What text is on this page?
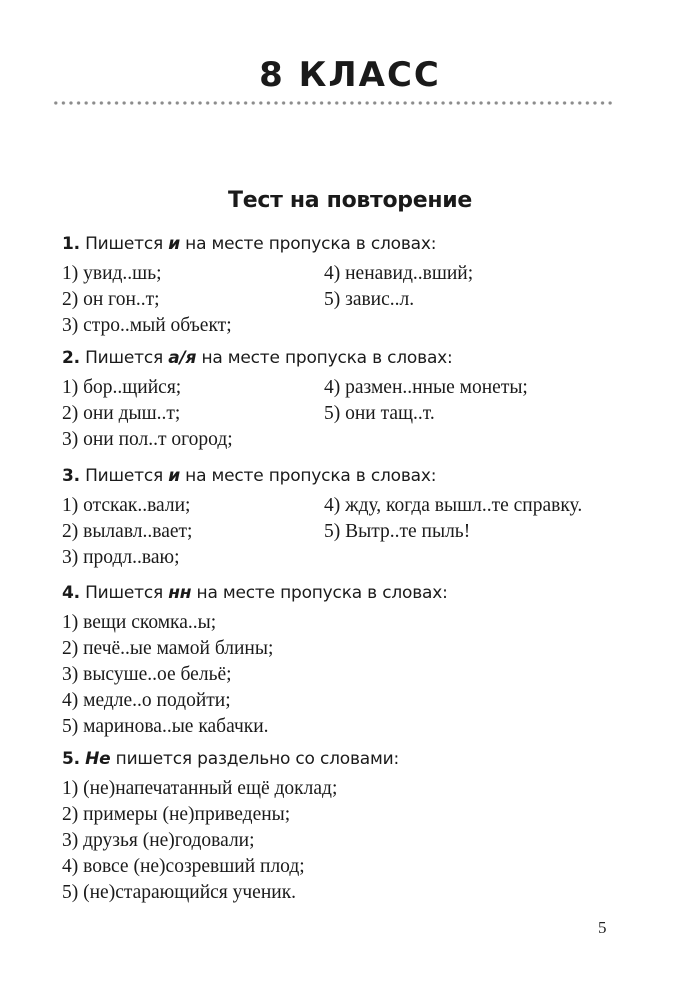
8 КЛАСС
Тест на повторение
1. Пишется и на месте пропуска в словах:
1) увид..шь;
2) он гон..т;
3) стро..мый объект;
4) ненавид..вший;
5) завис..л.
2. Пишется а/я на месте пропуска в словах:
1) бор..щийся;
2) они дыш..т;
3) они пол..т огород;
4) размен..нные монеты;
5) они тащ..т.
3. Пишется и на месте пропуска в словах:
1) отскак..вали;
2) вылавл..вает;
3) продл..ваю;
4) жду, когда вышл..те справку.
5) Вытр..те пыль!
4. Пишется нн на месте пропуска в словах:
1) вещи скомка..ы;
2) печё..ые мамой блины;
3) высуше..ое бельё;
4) медле..о подойти;
5) маринова..ые кабачки.
5. Не пишется раздельно со словами:
1) (не)напечатанный ещё доклад;
2) примеры (не)приведены;
3) друзья (не)годовали;
4) вовсе (не)созревший плод;
5) (не)старающийся ученик.
5
